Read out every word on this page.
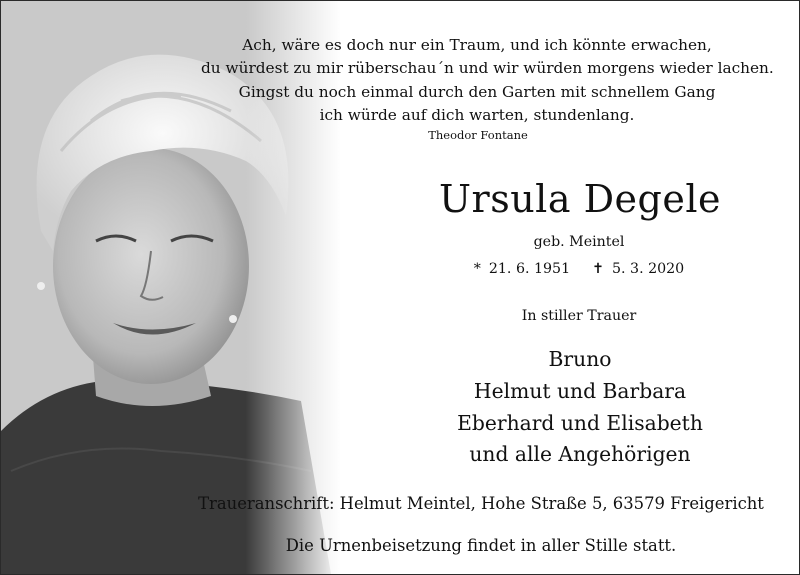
Ach, wäre es doch nur ein Traum, und ich könnte erwachen,
du würdest zu mir rüberschau´n und wir würden morgens wieder lachen.
Gingst du noch einmal durch den Garten mit schnellem Gang
ich würde auf dich warten, stundenlang.
Theodor Fontane
Ursula Degele
geb. Meintel
* 21. 6. 1951 ✝ 5. 3. 2020
In stiller Trauer
Bruno
Helmut und Barbara
Eberhard und Elisabeth
und alle Angehörigen
Traueranschrift: Helmut Meintel, Hohe Straße 5, 63579 Freigericht
Die Urnenbeisetzung findet in aller Stille statt.
